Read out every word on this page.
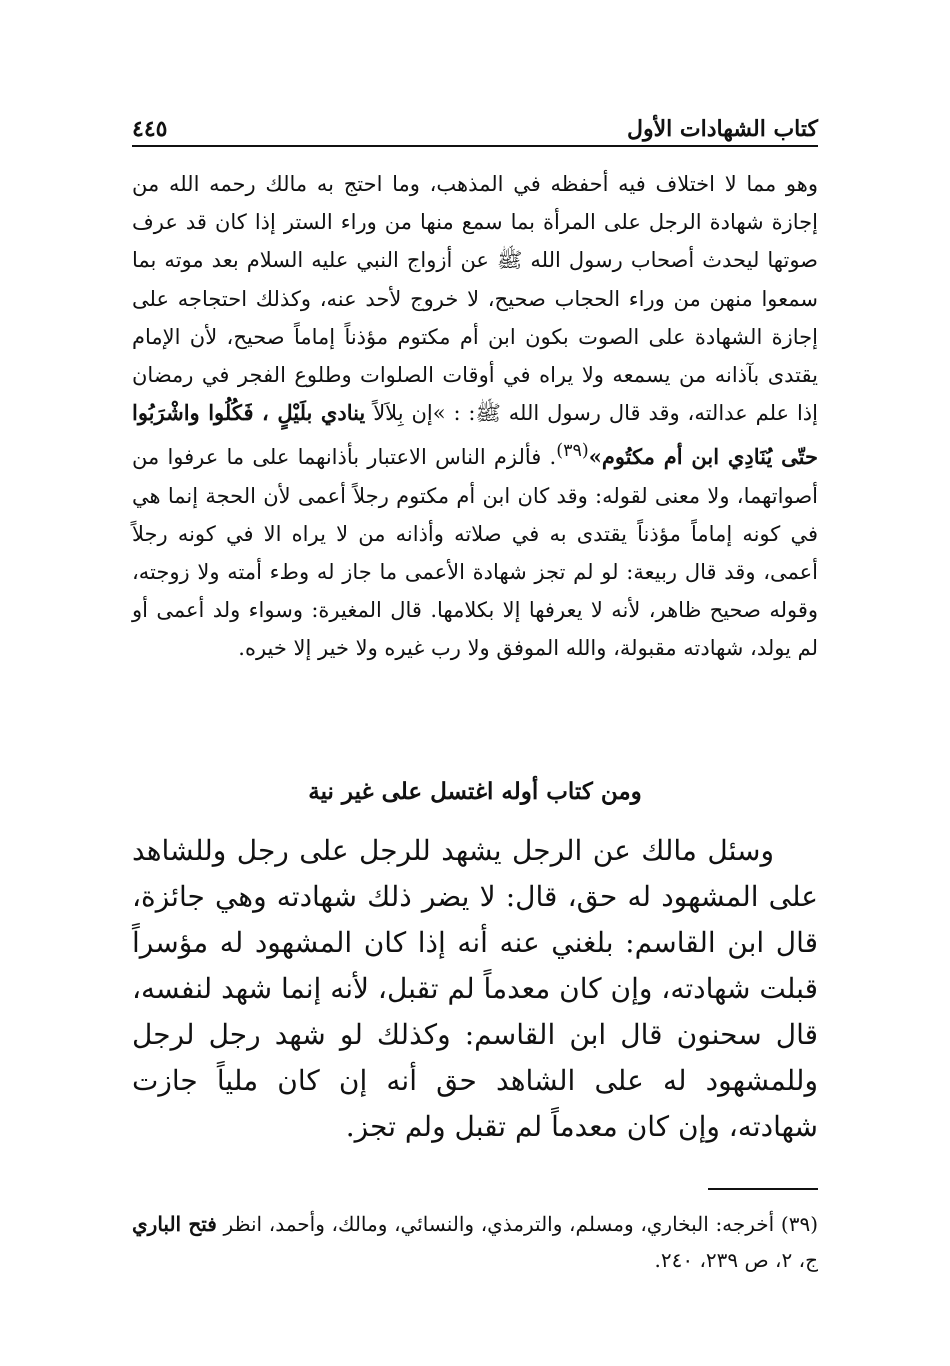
كتاب الشهادات الأول
٤٤٥

وهو مما لا اختلاف فيه أحفظه في المذهب، وما احتج به مالك رحمه الله من إجازة شهادة الرجل على المرأة بما سمع منها من وراء الستر إذا كان قد عرف صوتها ليحدث أصحاب رسول الله ﷺ عن أزواج النبي عليه السلام بعد موته بما سمعوا منهن من وراء الحجاب صحيح، لا خروج لأحد عنه، وكذلك احتجاجه على إجازة الشهادة على الصوت بكون ابن أم مكتوم مؤذناً إماماً صحيح، لأن الإمام يقتدى بآذانه من يسمعه ولا يراه في أوقات الصلوات وطلوع الفجر في رمضان إذا علم عدالته، وقد قال رسول الله ﷺ: : »إن بِلاَلاً ينادي بلَيْلٍ ، فَكُلُوا واشْرَبُوا حتّى يُنَادِي ابن أم مكتُوم»$^{(٣٩)}$. فألزم الناس الاعتبار بأذانهما على ما عرفوا من أصواتهما، ولا معنى لقوله: وقد كان ابن أم مكتوم رجلاً أعمى لأن الحجة إنما هي في كونه إماماً مؤذناً يقتدى به في صلاته وأذانه من لا يراه الا في كونه رجلاً أعمى، وقد قال ربيعة: لو لم تجز شهادة الأعمى ما جاز له وطء أمته ولا زوجته، وقوله صحيح ظاهر، لأنه لا يعرفها إلا بكلامها. قال المغيرة: وسواء ولد أعمى أو لم يولد، شهادته مقبولة، والله الموفق ولا رب غيره ولا خير إلا خيره.

ومن كتاب أوله اغتسل على غير نية

وسئل مالك عن الرجل يشهد للرجل على رجل وللشاهد على المشهود له حق، قال: لا يضر ذلك شهادته وهي جائزة، قال ابن القاسم: بلغني عنه أنه إذا كان المشهود له مؤسراً قبلت شهادته، وإن كان معدماً لم تقبل، لأنه إنما شهد لنفسه، قال سحنون قال ابن القاسم: وكذلك لو شهد رجل لرجل وللمشهود له على الشاهد حق أنه إن كان ملياً جازت شهادته، وإن كان معدماً لم تقبل ولم تجز.

(٣٩) أخرجه: البخاري، ومسلم، والترمذي، والنسائي، ومالك، وأحمد، انظر فتح الباري ج، ٢، ص ٢٣٩، ٢٤٠.
